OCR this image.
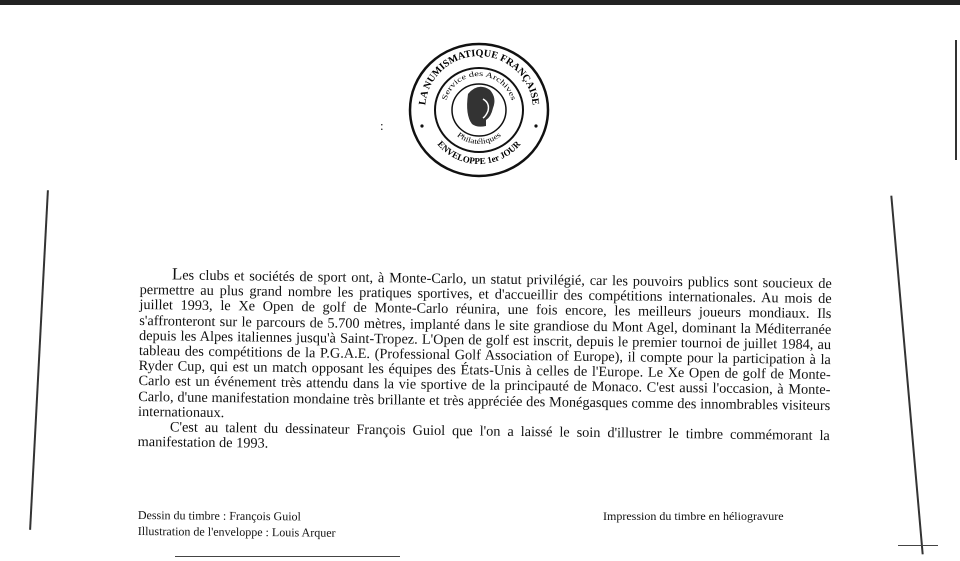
LA NUMISMATIQUE FRANÇAISE
ENVELOPPE 1er JOUR
Service des Archives
Philatéliques
:

Les clubs et sociétés de sport ont, à Monte-Carlo, un statut privilégié, car les pouvoirs publics sont soucieux de permettre au plus grand nombre les pratiques sportives, et d'accueillir des compétitions internationales. Au mois de juillet 1993, le Xe Open de golf de Monte-Carlo réunira, une fois encore, les meilleurs joueurs mondiaux. Ils s'affronteront sur le parcours de 5.700 mètres, implanté dans le site grandiose du Mont Agel, dominant la Méditerranée depuis les Alpes italiennes jusqu'à Saint-Tropez. L'Open de golf est inscrit, depuis le premier tournoi de juillet 1984, au tableau des compétitions de la P.G.A.E. (Professional Golf Association of Europe), il compte pour la participation à la Ryder Cup, qui est un match opposant les équipes des États-Unis à celles de l'Europe. Le Xe Open de golf de Monte-Carlo est un événement très attendu dans la vie sportive de la principauté de Monaco. C'est aussi l'occasion, à Monte-Carlo, d'une manifestation mondaine très brillante et très appréciée des Monégasques comme des innombrables visiteurs internationaux.

C'est au talent du dessinateur François Guiol que l'on a laissé le soin d'illustrer le timbre commémorant la manifestation de 1993.

Dessin du timbre : François Guiol
Illustration de l'enveloppe : Louis Arquer
Impression du timbre en héliogravure
